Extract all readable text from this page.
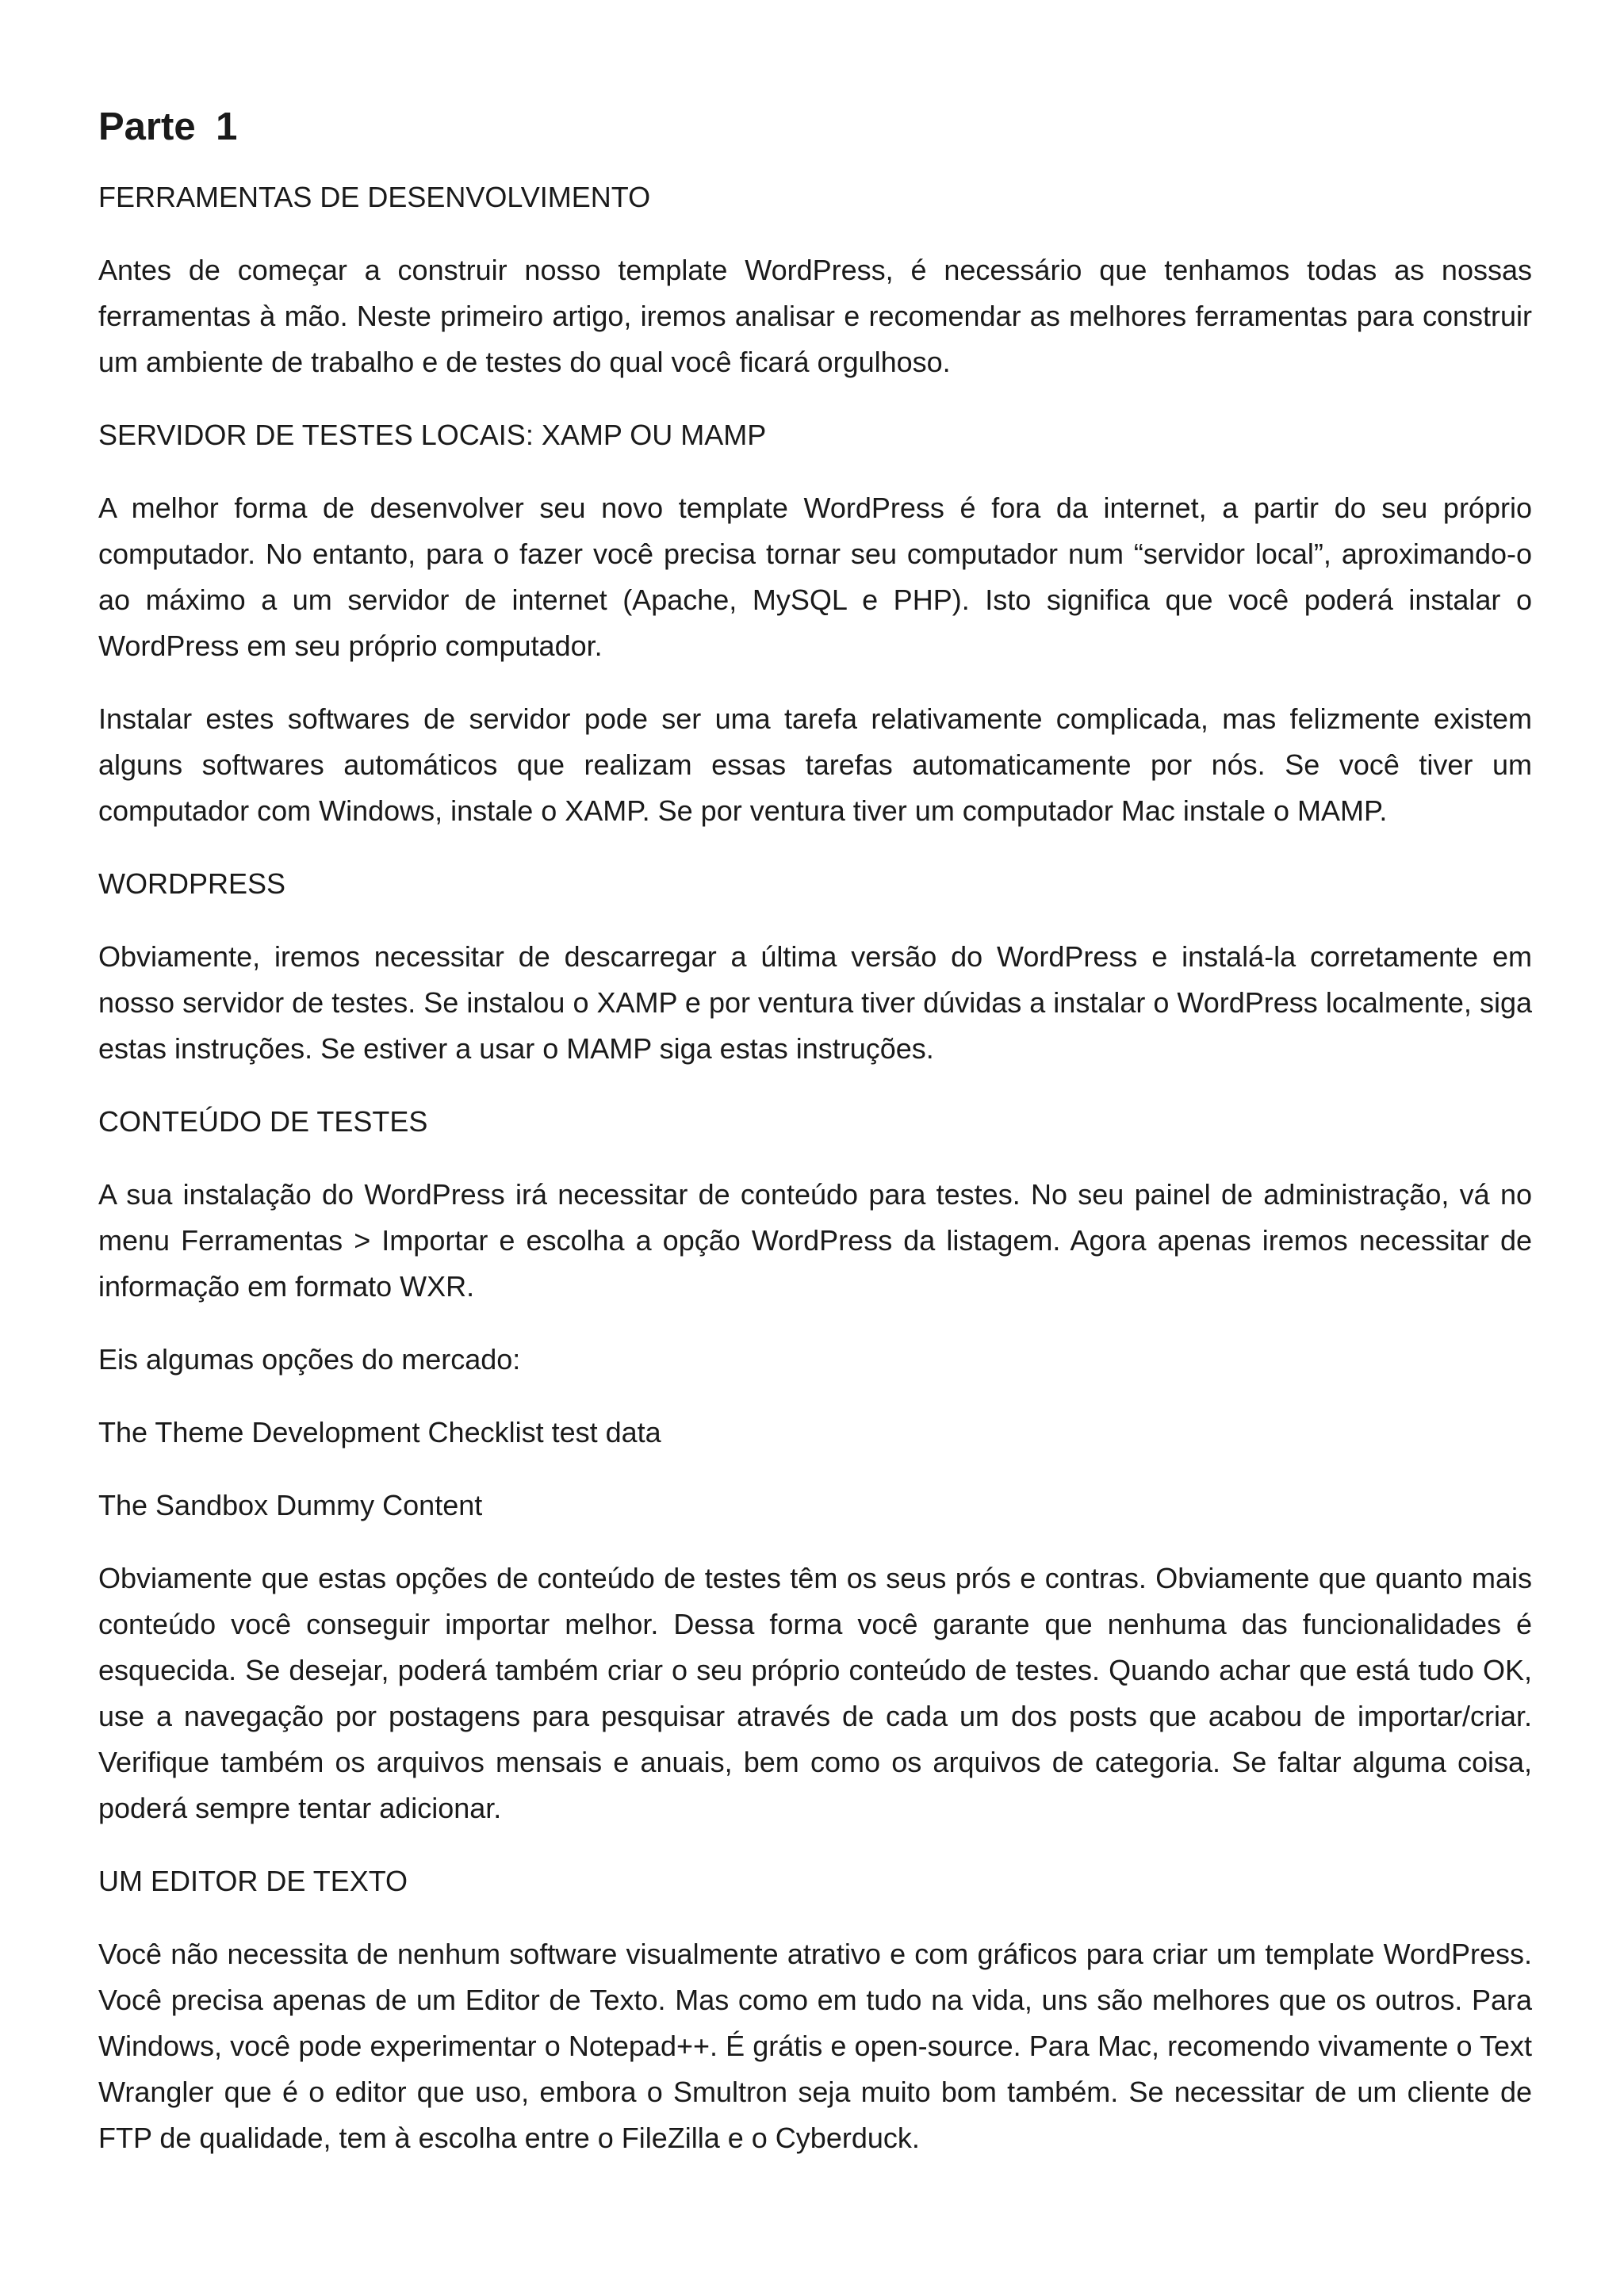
Parte 1
FERRAMENTAS DE DESENVOLVIMENTO
Antes de começar a construir nosso template WordPress, é necessário que tenhamos todas as nossas ferramentas à mão. Neste primeiro artigo, iremos analisar e recomendar as melhores ferramentas para construir um ambiente de trabalho e de testes do qual você ficará orgulhoso.
SERVIDOR DE TESTES LOCAIS: XAMP OU MAMP
A melhor forma de desenvolver seu novo template WordPress é fora da internet, a partir do seu próprio computador. No entanto, para o fazer você precisa tornar seu computador num “servidor local”, aproximando-o ao máximo a um servidor de internet (Apache, MySQL e PHP). Isto significa que você poderá instalar o WordPress em seu próprio computador.
Instalar estes softwares de servidor pode ser uma tarefa relativamente complicada, mas felizmente existem alguns softwares automáticos que realizam essas tarefas automaticamente por nós. Se você tiver um computador com Windows, instale o XAMP. Se por ventura tiver um computador Mac instale o MAMP.
WORDPRESS
Obviamente, iremos necessitar de descarregar a última versão do WordPress e instalá-la corretamente em nosso servidor de testes. Se instalou o XAMP e por ventura tiver dúvidas a instalar o WordPress localmente, siga estas instruções. Se estiver a usar o MAMP siga estas instruções.
CONTEÚDO DE TESTES
A sua instalação do WordPress irá necessitar de conteúdo para testes. No seu painel de administração, vá no menu Ferramentas > Importar e escolha a opção WordPress da listagem. Agora apenas iremos necessitar de informação em formato WXR.
Eis algumas opções do mercado:
The Theme Development Checklist test data
The Sandbox Dummy Content
Obviamente que estas opções de conteúdo de testes têm os seus prós e contras. Obviamente que quanto mais conteúdo você conseguir importar melhor. Dessa forma você garante que nenhuma das funcionalidades é esquecida. Se desejar, poderá também criar o seu próprio conteúdo de testes. Quando achar que está tudo OK, use a navegação por postagens para pesquisar através de cada um dos posts que acabou de importar/criar. Verifique também os arquivos mensais e anuais, bem como os arquivos de categoria. Se faltar alguma coisa, poderá sempre tentar adicionar.
UM EDITOR DE TEXTO
Você não necessita de nenhum software visualmente atrativo e com gráficos para criar um template WordPress. Você precisa apenas de um Editor de Texto. Mas como em tudo na vida, uns são melhores que os outros. Para Windows, você pode experimentar o Notepad++. É grátis e open-source. Para Mac, recomendo vivamente o Text Wrangler que é o editor que uso, embora o Smultron seja muito bom também. Se necessitar de um cliente de FTP de qualidade, tem à escolha entre o FileZilla e o Cyberduck.
